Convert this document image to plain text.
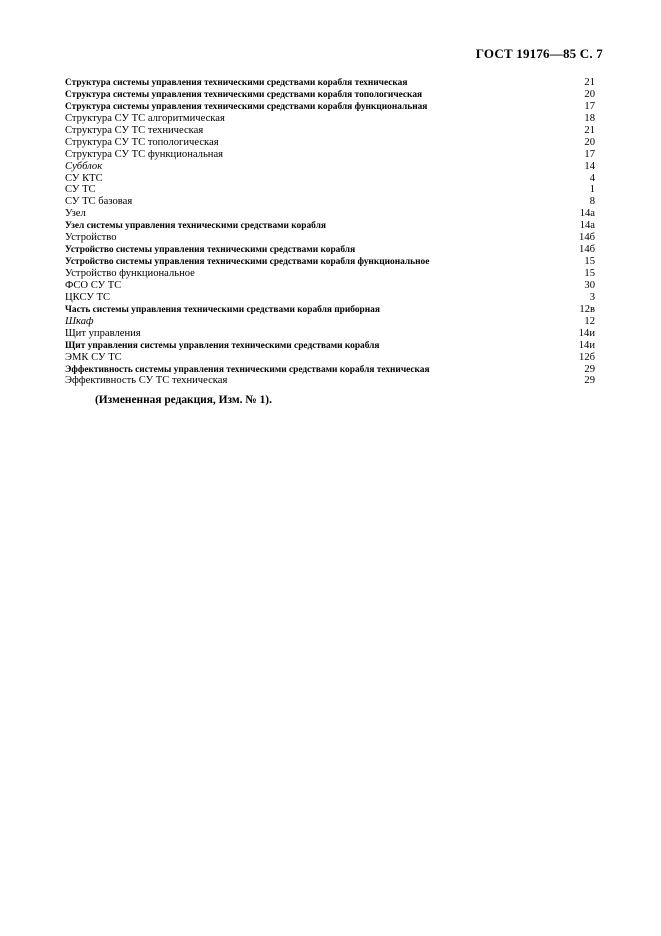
ГОСТ 19176—85 С. 7
Структура системы управления техническими средствами корабля техническая	21
Структура системы управления техническими средствами корабля топологическая	20
Структура системы управления техническими средствами корабля функциональная	17
Структура СУ ТС алгоритмическая	18
Структура СУ ТС техническая	21
Структура СУ ТС топологическая	20
Структура СУ ТС функциональная	17
Субблок	14
СУ КТС	4
СУ ТС	1
СУ ТС базовая	8
Узел	14а
Узел системы управления техническими средствами корабля	14а
Устройство	14б
Устройство системы управления техническими средствами корабля	14б
Устройство системы управления техническими средствами корабля функциональное	15
Устройство функциональное	15
ФСО СУ ТС	30
ЦКСУ ТС	3
Часть системы управления техническими средствами корабля приборная	12в
Шкаф	12
Щит управления	14и
Щит управления системы управления техническими средствами корабля	14и
ЭМК СУ ТС	12б
Эффективность системы управления техническими средствами корабля техническая	29
Эффективность СУ ТС техническая	29
(Измененная редакция, Изм. № 1).
